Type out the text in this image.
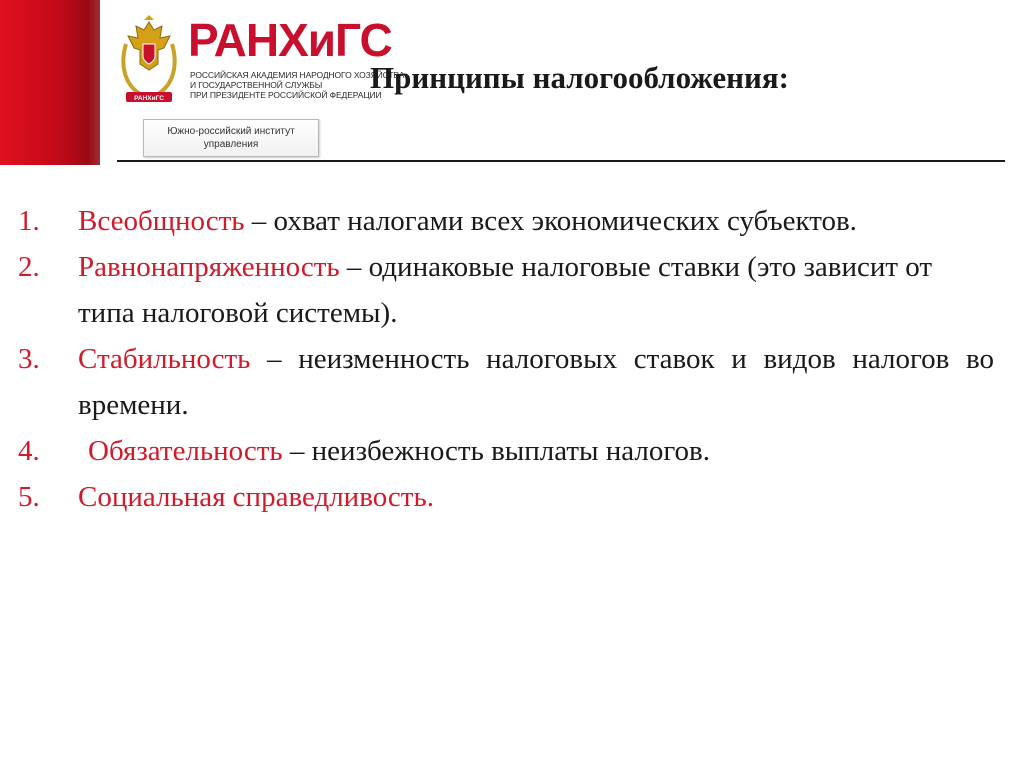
РАНХиГС
РАНХиГС
РОССИЙСКАЯ АКАДЕМИЯ НАРОДНОГО ХОЗЯЙСТВА
И ГОСУДАРСТВЕННОЙ СЛУЖБЫ
ПРИ ПРЕЗИДЕНТЕ РОССИЙСКОЙ ФЕДЕРАЦИИ
Южно-российский институт
управления
Принципы налогообложения:
1.	Всеобщность – охват налогами всех экономических субъектов.
2.	Равнонапряженность – одинаковые налоговые ставки (это зависит от типа налоговой системы).
3.	Стабильность – неизменность налоговых ставок и видов налогов во времени.
4.	Обязательность – неизбежность выплаты налогов.
5.	Социальная справедливость.
